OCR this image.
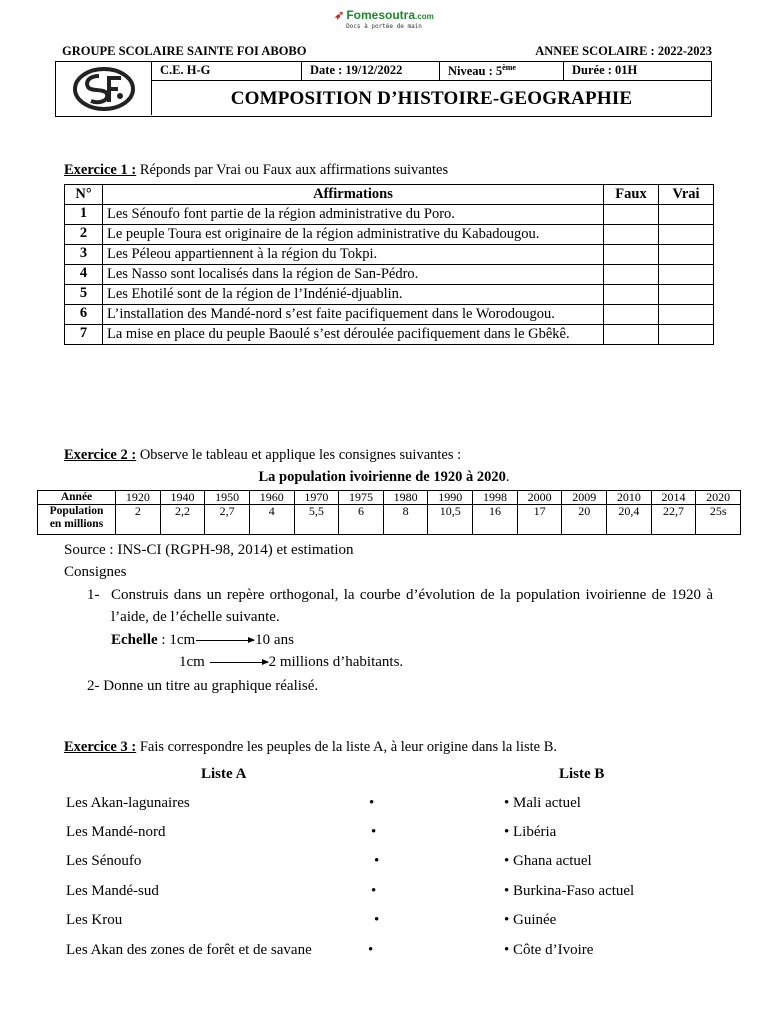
➶ Fomesoutra.com
Docs à portée de main
GROUPE SCOLAIRE SAINTE FOI ABOBO	ANNEE SCOLAIRE : 2022-2023
C.E. H-G	Date : 19/12/2022	Niveau : 5ème	Durée : 01H
COMPOSITION D’HISTOIRE-GEOGRAPHIE
Exercice 1 : Réponds par Vrai ou Faux aux affirmations suivantes
N°	Affirmations	Faux	Vrai
1	Les Sénoufo font partie de la région administrative du Poro.		
2	Le peuple Toura est originaire de la région administrative du Kabadougou.		
3	Les Péleou appartiennent à la région du Tokpi.		
4	Les Nasso sont localisés dans la région de San-Pédro.		
5	Les Ehotilé sont de la région de l’Indénié-djuablin.		
6	L’installation des Mandé-nord s’est faite pacifiquement dans le Worodougou.		
7	La mise en place du peuple Baoulé s’est déroulée pacifiquement dans le Gbêkê.		
Exercice 2 : Observe le tableau et applique les consignes suivantes :
La population ivoirienne de 1920 à 2020.
Année	1920	1940	1950	1960	1970	1975	1980	1990	1998	2000	2009	2010	2014	2020
Population
en millions	2	2,2	2,7	4	5,5	6	8	10,5	16	17	20	20,4	22,7	25s
Source : INS-CI (RGPH-98, 2014) et estimation
Consignes
1- Construis dans un repère orthogonal, la courbe d’évolution de la population ivoirienne de 1920 à l’aide, de l’échelle suivante.
Echelle : 1cm	10 ans
1cm	2 millions d’habitants.
2- Donne un titre au graphique réalisé.
Exercice 3 : Fais correspondre les peuples de la liste A, à leur origine dans la liste B.
Liste A	Liste B
Les Akan-lagunaires	•	• Mali actuel
Les Mandé-nord	•	• Libéria
Les Sénoufo	•	• Ghana actuel
Les Mandé-sud	•	• Burkina-Faso actuel
Les Krou	•	• Guinée
Les Akan des zones de forêt et de savane	•	• Côte d’Ivoire
